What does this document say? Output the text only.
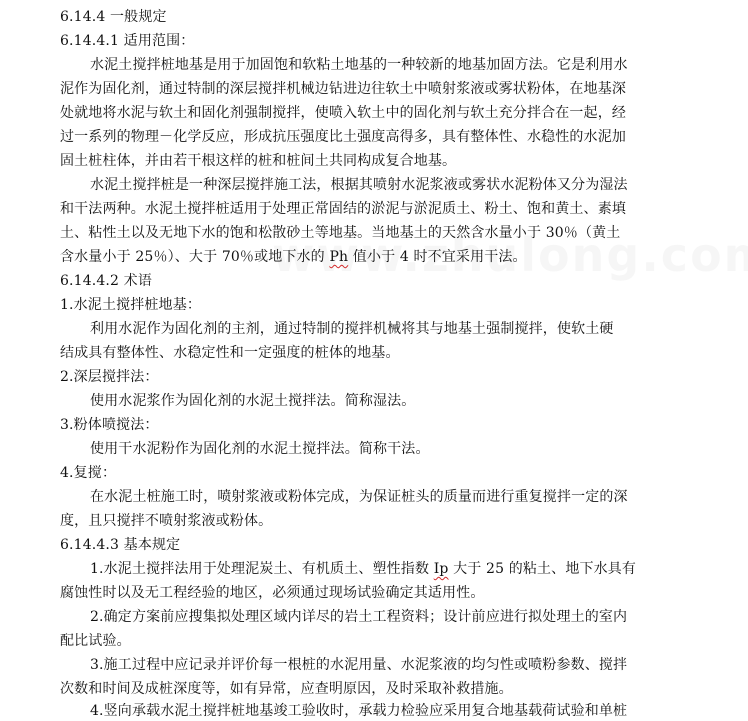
6.14.4 一般规定
6.14.4.1 适用范围：
水泥土搅拌桩地基是用于加固饱和软粘土地基的一种较新的地基加固方法。它是利用水
泥作为固化剂，通过特制的深层搅拌机械边钻进边往软土中喷射浆液或雾状粉体，在地基深
处就地将水泥与软土和固化剂强制搅拌，使喷入软土中的固化剂与软土充分拌合在一起，经
过一系列的物理－化学反应，形成抗压强度比土强度高得多，具有整体性、水稳性的水泥加
固土桩柱体，并由若干根这样的桩和桩间土共同构成复合地基。
水泥土搅拌桩是一种深层搅拌施工法，根据其喷射水泥浆液或雾状水泥粉体又分为湿法
和干法两种。水泥土搅拌桩适用于处理正常固结的淤泥与淤泥质土、粉土、饱和黄土、素填
土、粘性土以及无地下水的饱和松散砂土等地基。当地基土的天然含水量小于 30％（黄土
含水量小于 25％）、大于 70％或地下水的 Ph 值小于 4 时不宜采用干法。
6.14.4.2 术语
1.水泥土搅拌桩地基：
利用水泥作为固化剂的主剂，通过特制的搅拌机械将其与地基土强制搅拌，使软土硬
结成具有整体性、水稳定性和一定强度的桩体的地基。
2.深层搅拌法：
使用水泥浆作为固化剂的水泥土搅拌法。简称湿法。
3.粉体喷搅法：
使用干水泥粉作为固化剂的水泥土搅拌法。简称干法。
4.复搅：
在水泥土桩施工时，喷射浆液或粉体完成，为保证桩头的质量而进行重复搅拌一定的深
度，且只搅拌不喷射浆液或粉体。
6.14.4.3 基本规定
1.水泥土搅拌法用于处理泥炭土、有机质土、塑性指数 Ip 大于 25 的粘土、地下水具有
腐蚀性时以及无工程经验的地区，必须通过现场试验确定其适用性。
2.确定方案前应搜集拟处理区域内详尽的岩土工程资料；设计前应进行拟处理土的室内
配比试验。
3.施工过程中应记录并评价每一根桩的水泥用量、水泥浆液的均匀性或喷粉参数、搅拌
次数和时间及成桩深度等，如有异常，应查明原因，及时采取补救措施。
4.竖向承载水泥土搅拌桩地基竣工验收时，承载力检验应采用复合地基载荷试验和单桩
